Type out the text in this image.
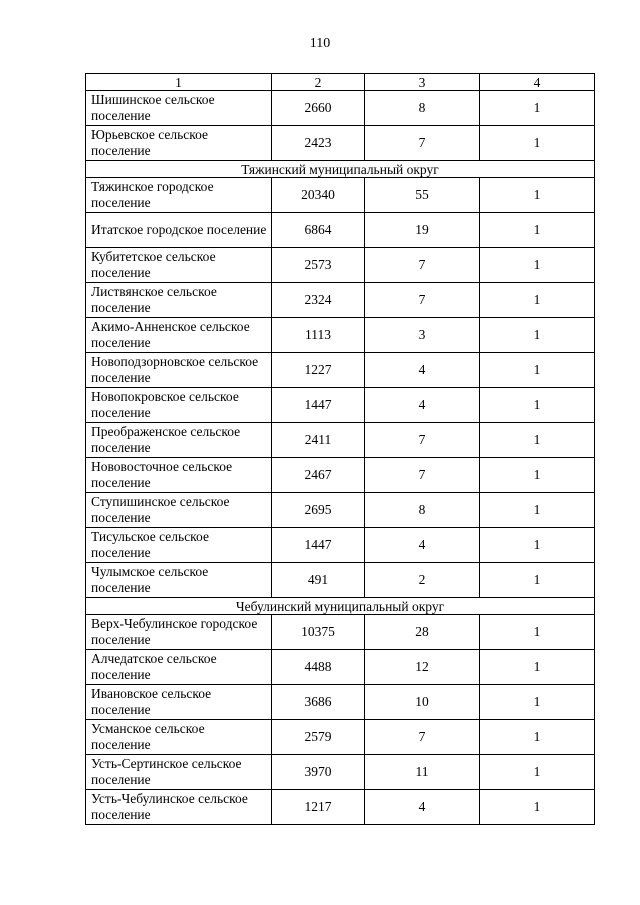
110
1	2	3	4
Шишинское сельское поселение	2660	8	1
Юрьевское сельское поселение	2423	7	1
Тяжинский муниципальный округ			
Тяжинское городское поселение	20340	55	1
Итатское городское поселение	6864	19	1
Кубитетское сельское поселение	2573	7	1
Листвянское сельское поселение	2324	7	1
Акимо-Анненское сельское поселение	1113	3	1
Новоподзорновское сельское поселение	1227	4	1
Новопокровское сельское поселение	1447	4	1
Преображенское сельское поселение	2411	7	1
Нововосточное сельское поселение	2467	7	1
Ступишинское сельское поселение	2695	8	1
Тисульское сельское поселение	1447	4	1
Чулымское сельское поселение	491	2	1
Чебулинский муниципальный округ			
Верх-Чебулинское городское поселение	10375	28	1
Алчедатское сельское поселение	4488	12	1
Ивановское сельское поселение	3686	10	1
Усманское сельское поселение	2579	7	1
Усть-Сертинское сельское поселение	3970	11	1
Усть-Чебулинское сельское поселение	1217	4	1
